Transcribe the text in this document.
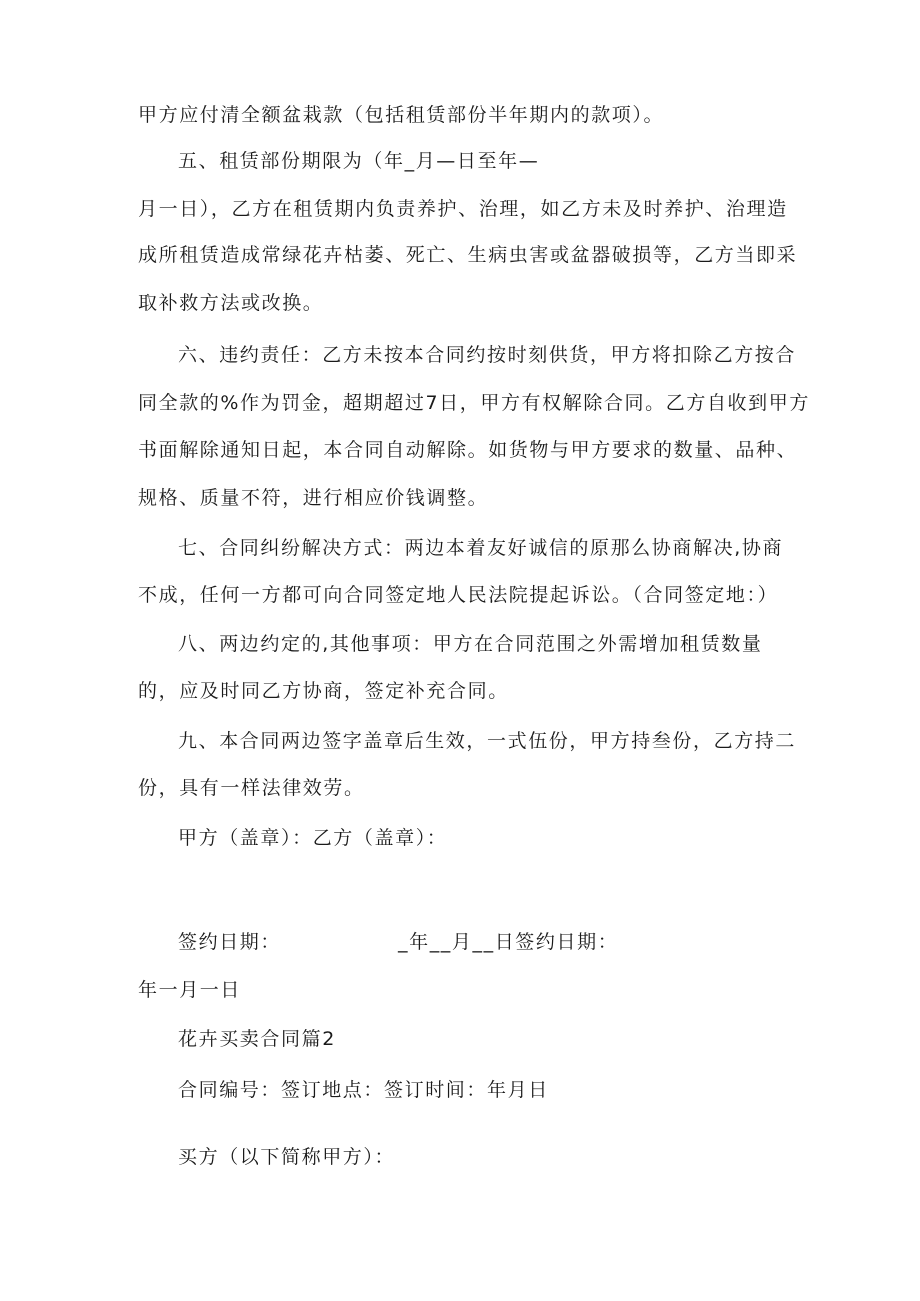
甲方应付清全额盆栽款（包括租赁部份半年期内的款项）。
五、租赁部份期限为（年_月—日至年—
月一日），乙方在租赁期内负责养护、治理，如乙方未及时养护、治理造
成所租赁造成常绿花卉枯萎、死亡、生病虫害或盆器破损等，乙方当即采
取补救方法或改换。
六、违约责任：乙方未按本合同约按时刻供货，甲方将扣除乙方按合
同全款的%作为罚金，超期超过7日，甲方有权解除合同。乙方自收到甲方
书面解除通知日起，本合同自动解除。如货物与甲方要求的数量、品种、
规格、质量不符，进行相应价钱调整。
七、合同纠纷解决方式：两边本着友好诚信的原那么协商解决,协商
不成，任何一方都可向合同签定地人民法院提起诉讼。（合同签定地：）
八、两边约定的,其他事项：甲方在合同范围之外需增加租赁数量
的，应及时同乙方协商，签定补充合同。
九、本合同两边签字盖章后生效，一式伍份，甲方持叁份，乙方持二
份，具有一样法律效劳。
甲方（盖章）：乙方（盖章）：
签约日期：	_年__月__日签约日期：
年一月一日
花卉买卖合同篇2
合同编号：签订地点：签订时间：年月日
买方（以下简称甲方）：
